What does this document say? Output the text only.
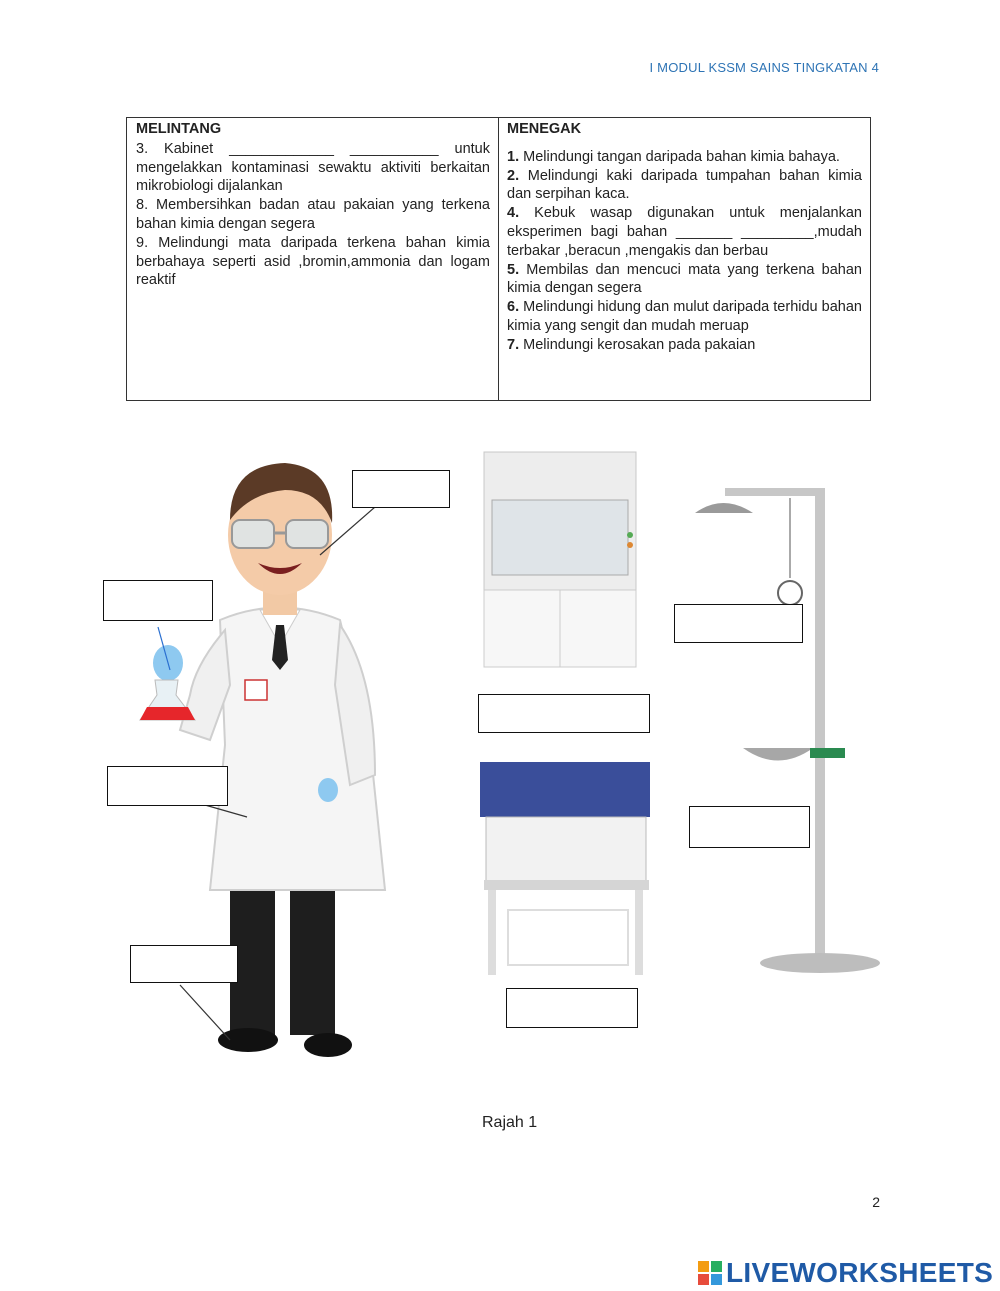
I MODUL KSSM SAINS TINGKATAN 4
MELINTANG

3. Kabinet _____________ ___________ untuk mengelakkan kontaminasi sewaktu aktiviti berkaitan mikrobiologi dijalankan

8. Membersihkan badan atau pakaian yang terkena bahan kimia dengan segera

9. Melindungi mata daripada terkena bahan kimia berbahaya seperti asid ,bromin,ammonia dan logam reaktif

MENEGAK

1. Melindungi tangan daripada bahan kimia bahaya.

2. Melindungi kaki daripada tumpahan bahan kimia dan serpihan kaca.

4. Kebuk wasap digunakan untuk menjalankan eksperimen bagi bahan _______ _________,mudah terbakar ,beracun ,mengakis dan berbau

5. Membilas dan mencuci mata yang terkena bahan kimia dengan segera

6. Melindungi hidung dan mulut daripada terhidu bahan kimia yang sengit dan mudah meruap

7. Melindungi kerosakan pada pakaian

Rajah 1
2
LIVEWORKSHEETS
